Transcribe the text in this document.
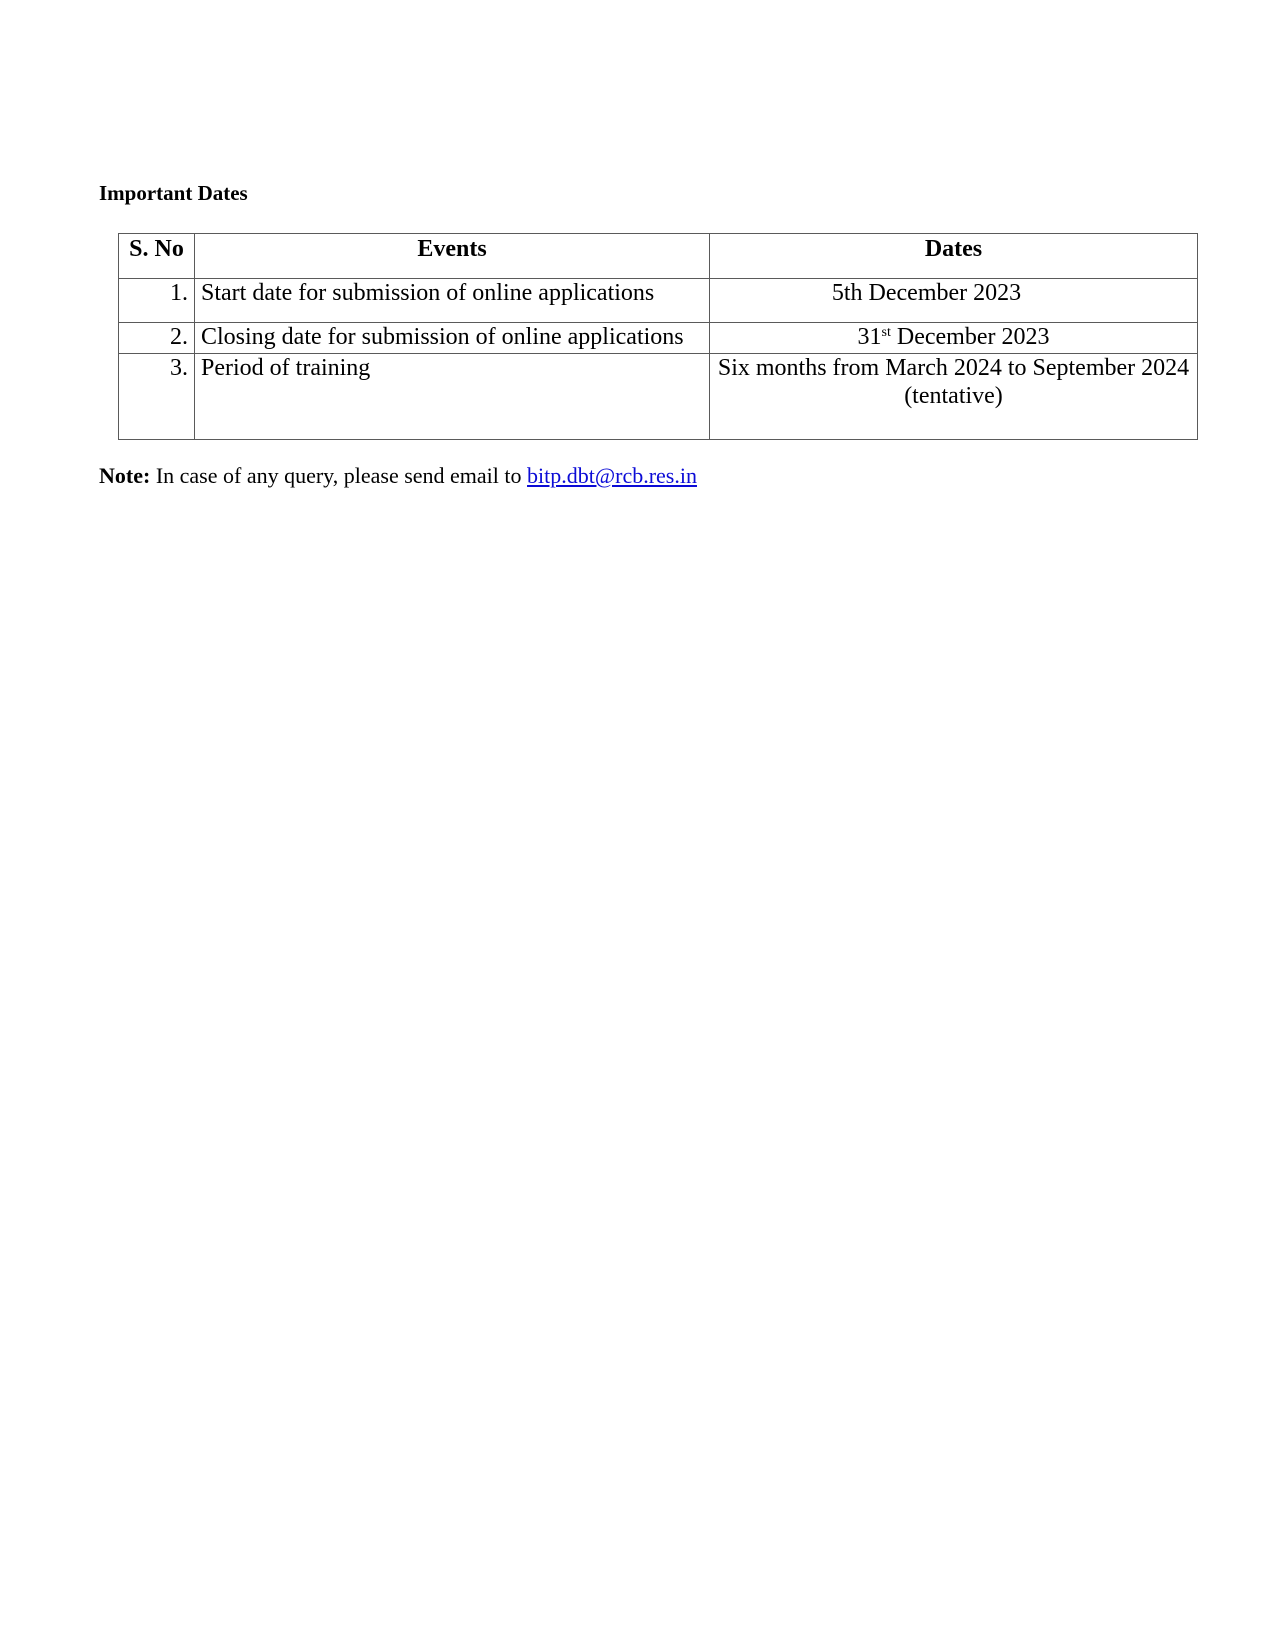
Important Dates
S. No	Events	Dates
1.	Start date for submission of online applications	5th December 2023
2.	Closing date for submission of online applications	31st December 2023
3.	Period of training	Six months from March 2024 to September 2024 (tentative)

Note: In case of any query, please send email to bitp.dbt@rcb.res.in
